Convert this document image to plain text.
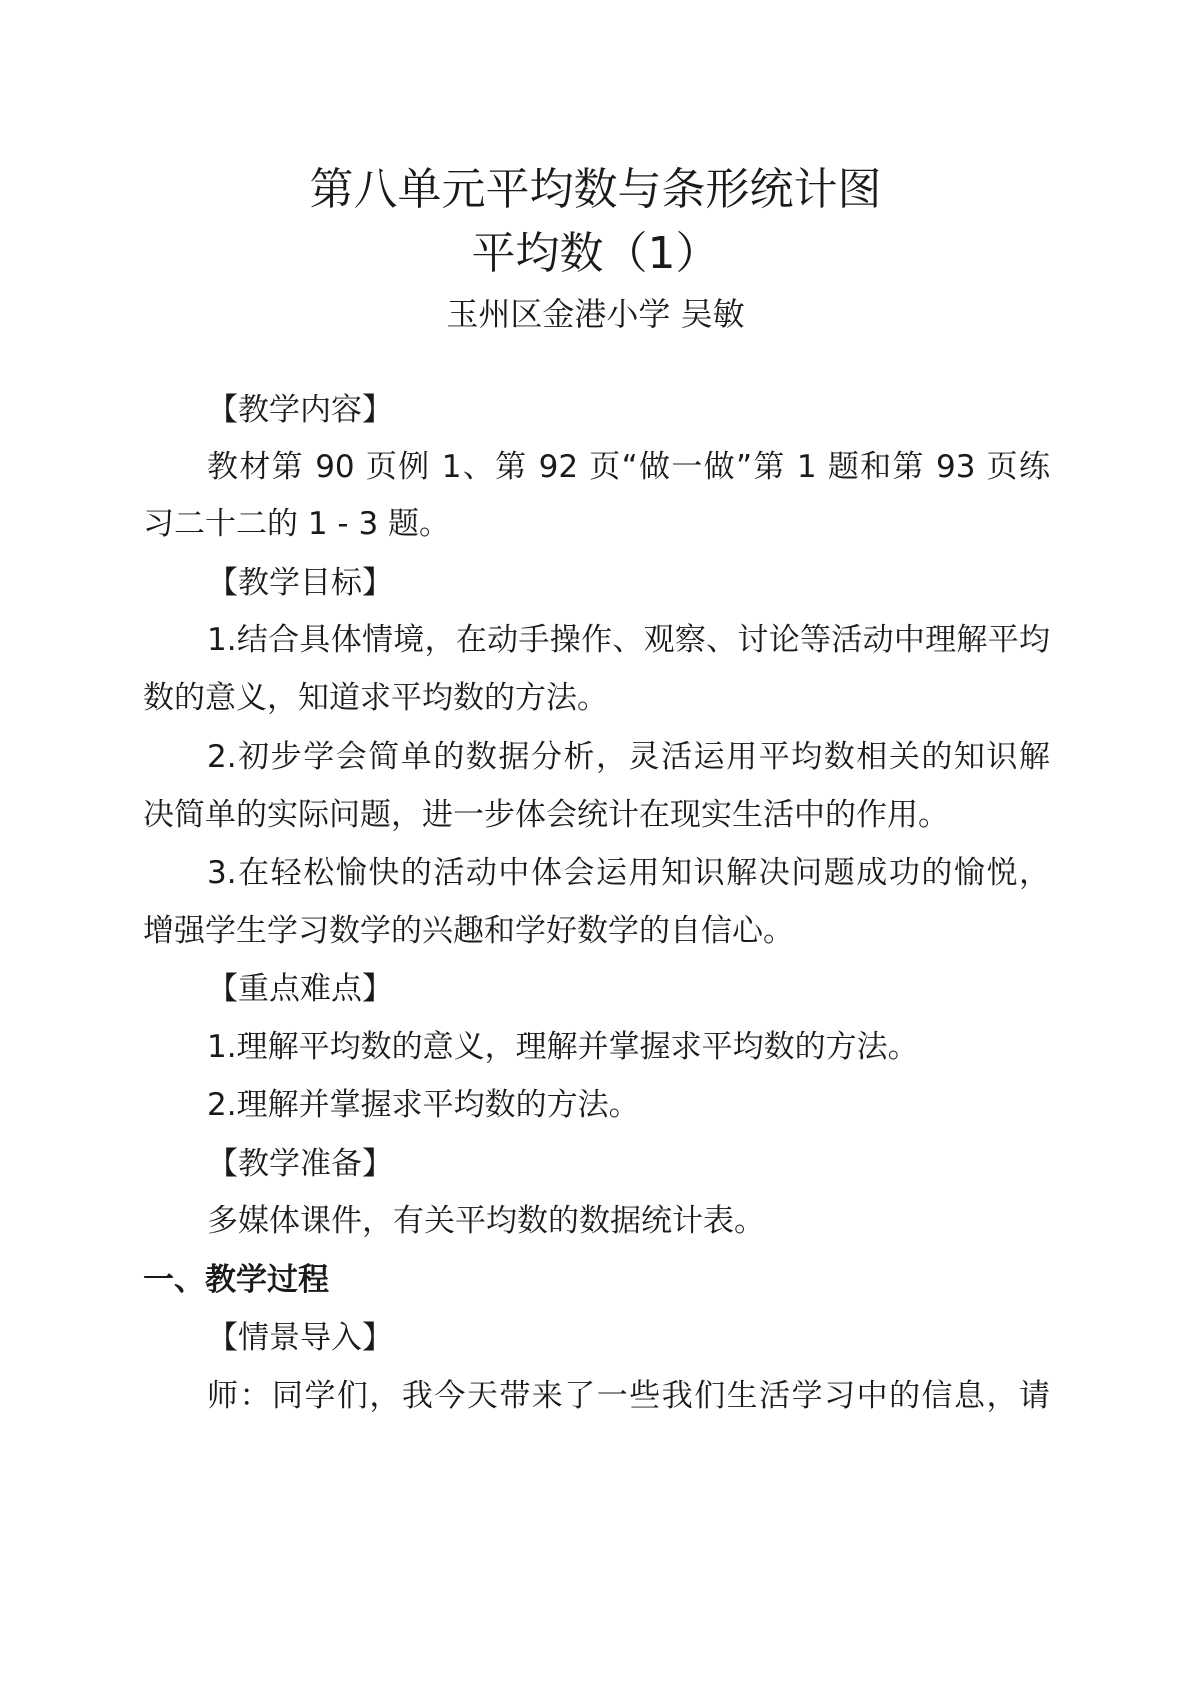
第八单元平均数与条形统计图
平均数（1）
玉州区金港小学 吴敏
【教学内容】
教材第 90 页例 1、第 92 页“做一做”第 1 题和第 93 页练
习二十二的 1 - 3 题。
【教学目标】
1.结合具体情境，在动手操作、观察、讨论等活动中理解平均
数的意义，知道求平均数的方法。
2.初步学会简单的数据分析，灵活运用平均数相关的知识解
决简单的实际问题，进一步体会统计在现实生活中的作用。
3.在轻松愉快的活动中体会运用知识解决问题成功的愉悦，
增强学生学习数学的兴趣和学好数学的自信心。
【重点难点】
1.理解平均数的意义，理解并掌握求平均数的方法。
2.理解并掌握求平均数的方法。
【教学准备】
多媒体课件，有关平均数的数据统计表。
一、教学过程
【情景导入】
师：同学们，我今天带来了一些我们生活学习中的信息，请
